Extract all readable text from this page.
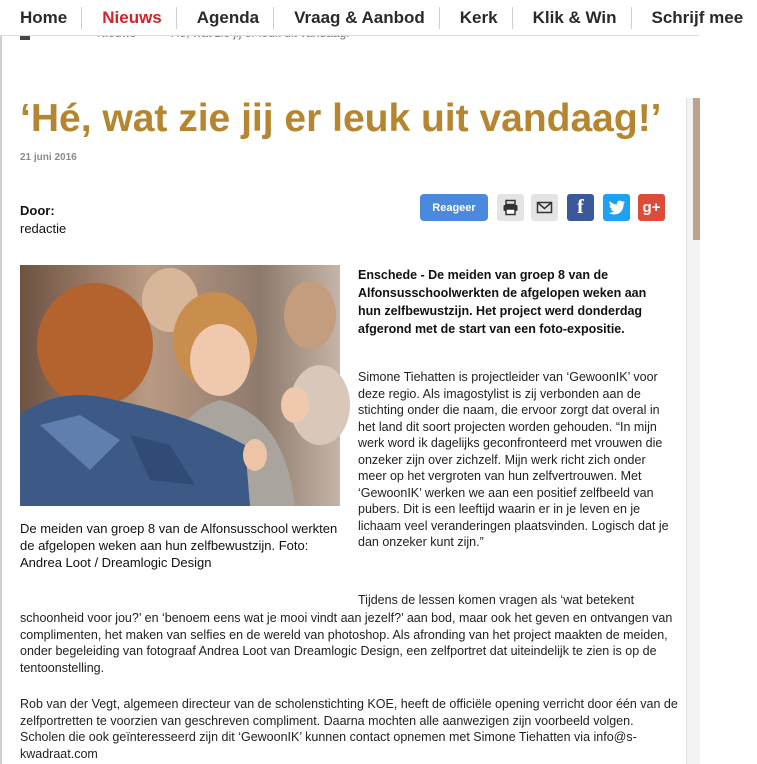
Home	Nieuws	Agenda	Vraag & Aanbod	Kerk	Klik & Win	Schrijf mee
‘Hé, wat zie jij er leuk uit vandaag!’
21 juni 2016
Door:
redactie
Reageer	f	g+
De meiden van groep 8 van de Alfonsusschool werkten de afgelopen weken aan hun zelfbewustzijn. Foto: Andrea Loot / Dreamlogic Design
Enschede - De meiden van groep 8 van de Alfonsusschoolwerkten de afgelopen weken aan hun zelfbewustzijn. Het project werd donderdag afgerond met de start van een foto-expositie.

Simone Tiehatten is projectleider van ‘GewoonIK’ voor deze regio. Als imagostylist is zij verbonden aan de stichting onder die naam, die ervoor zorgt dat overal in het land dit soort projecten worden gehouden. “In mijn werk word ik dagelijks geconfronteerd met vrouwen die onzeker zijn over zichzelf. Mijn werk richt zich onder meer op het vergroten van hun zelfvertrouwen. Met ‘GewoonIK’ werken we aan een positief zelfbeeld van pubers. Dit is een leeftijd waarin er in je leven en je lichaam veel veranderingen plaatsvinden. Logisch dat je dan onzeker kunt zijn.”

Tijdens de lessen komen vragen als ‘wat betekent

schoonheid voor jou?’ en ‘benoem eens wat je mooi vindt aan jezelf?’ aan bod, maar ook het geven en ontvangen van complimenten, het maken van selfies en de wereld van photoshop. Als afronding van het project maakten de meiden, onder begeleiding van fotograaf Andrea Loot van Dreamlogic Design, een zelfportret dat uiteindelijk te zien is op de tentoonstelling.

Rob van der Vegt, algemeen directeur van de scholenstichting KOE, heeft de officiële opening verricht door één van de zelfportretten te voorzien van geschreven compliment. Daarna mochten alle aanwezigen zijn voorbeeld volgen. Scholen die ook geïnteresseerd zijn dit ‘GewoonIK’ kunnen contact opnemen met Simone Tiehatten via info@s-kwadraat.com
